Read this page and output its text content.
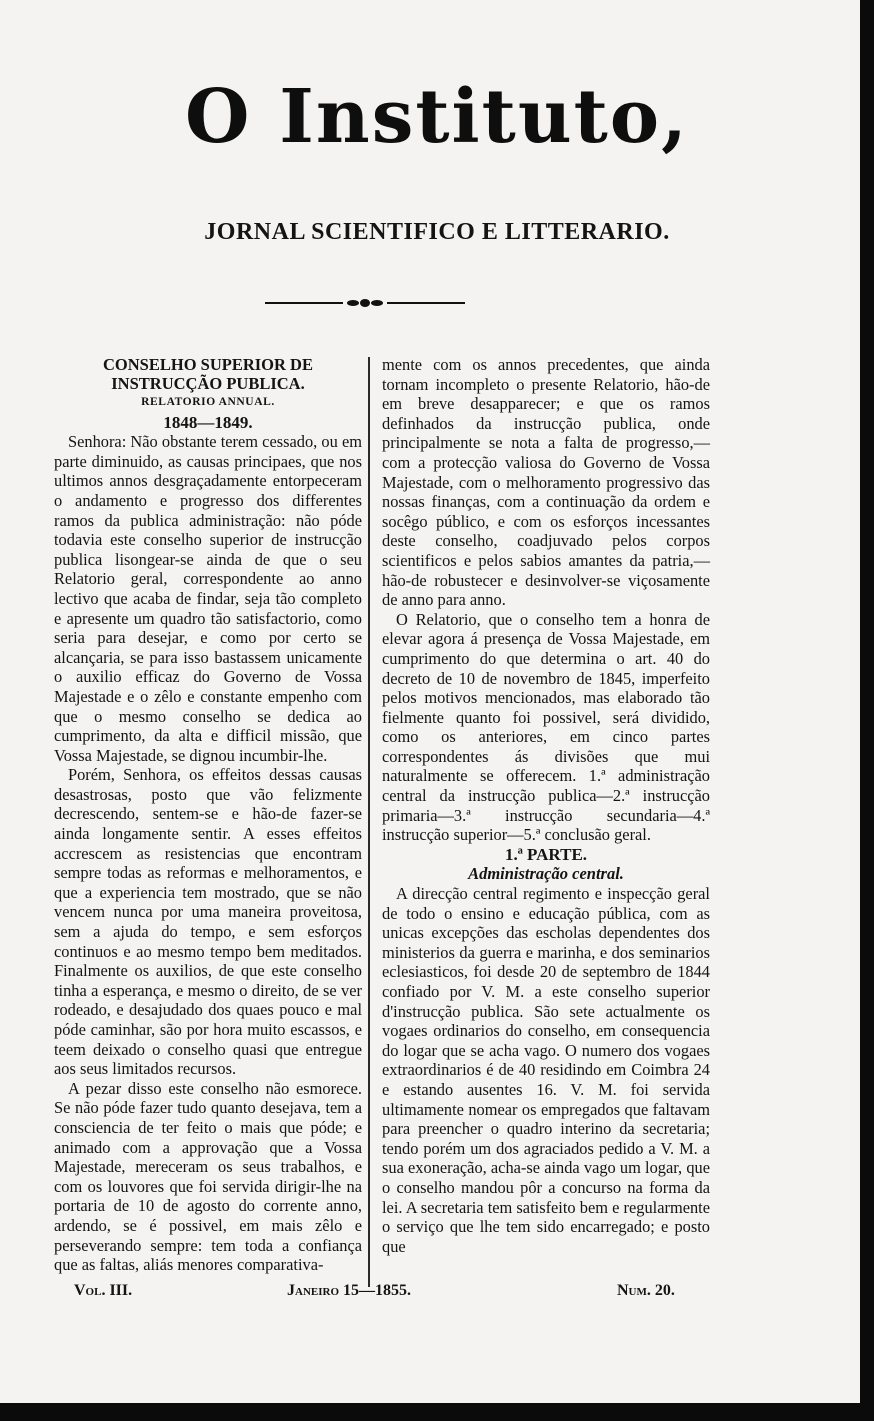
O Instituto,
JORNAL SCIENTIFICO E LITTERARIO.

CONSELHO SUPERIOR DE INSTRUCÇÃO PUBLICA.

RELATORIO ANNUAL.

1848—1849.

Senhora: Não obstante terem cessado, ou em parte diminuido, as causas principaes, que nos ultimos annos desgraçadamente entorpeceram o andamento e progresso dos differentes ramos da publica administração: não póde todavia este conselho superior de instrucção publica lisongear-se ainda de que o seu Relatorio geral, correspondente ao anno lectivo que acaba de findar, seja tão completo e apresente um quadro tão satisfactorio, como seria para desejar, e como por certo se alcançaria, se para isso bastassem unicamente o auxilio efficaz do Governo de Vossa Majestade e o zêlo e constante empenho com que o mesmo conselho se dedica ao cumprimento, da alta e difficil missão, que Vossa Majestade, se dignou incumbir-lhe.

Porém, Senhora, os effeitos dessas causas desastrosas, posto que vão felizmente decrescendo, sentem-se e hão-de fazer-se ainda longamente sentir. A esses effeitos accrescem as resistencias que encontram sempre todas as reformas e melhoramentos, e que a experiencia tem mostrado, que se não vencem nunca por uma maneira proveitosa, sem a ajuda do tempo, e sem esforços continuos e ao mesmo tempo bem meditados. Finalmente os auxilios, de que este conselho tinha a esperança, e mesmo o direito, de se ver rodeado, e desajudado dos quaes pouco e mal póde caminhar, são por hora muito escassos, e teem deixado o conselho quasi que entregue aos seus limitados recursos.

A pezar disso este conselho não esmorece. Se não póde fazer tudo quanto desejava, tem a consciencia de ter feito o mais que póde; e animado com a approvação que a Vossa Majestade, mereceram os seus trabalhos, e com os louvores que foi servida dirigir-lhe na portaria de 10 de agosto do corrente anno, ardendo, se é possivel, em mais zêlo e perseverando sempre: tem toda a confiança que as faltas, aliás menores comparativa-

mente com os annos precedentes, que ainda tornam incompleto o presente Relatorio, hão-de em breve desapparecer; e que os ramos definhados da instrucção publica, onde principalmente se nota a falta de progresso,—com a protecção valiosa do Governo de Vossa Majestade, com o melhoramento progressivo das nossas finanças, com a continuação da ordem e socêgo público, e com os esforços incessantes deste conselho, coadjuvado pelos corpos scientificos e pelos sabios amantes da patria,—hão-de robustecer e desinvolver-se viçosamente de anno para anno.

O Relatorio, que o conselho tem a honra de elevar agora á presença de Vossa Majestade, em cumprimento do que determina o art. 40 do decreto de 10 de novembro de 1845, imperfeito pelos motivos mencionados, mas elaborado tão fielmente quanto foi possivel, será dividido, como os anteriores, em cinco partes correspondentes ás divisões que mui naturalmente se offerecem. 1.ª administração central da instrucção publica—2.ª instrucção primaria—3.ª instrucção secundaria—4.ª instrucção superior—5.ª conclusão geral.

1.ª PARTE.

Administração central.

A direcção central regimento e inspecção geral de todo o ensino e educação pública, com as unicas excepções das escholas dependentes dos ministerios da guerra e marinha, e dos seminarios eclesiasticos, foi desde 20 de septembro de 1844 confiado por V. M. a este conselho superior d'instrucção publica. São sete actualmente os vogaes ordinarios do conselho, em consequencia do logar que se acha vago. O numero dos vogaes extraordinarios é de 40 residindo em Coimbra 24 e estando ausentes 16. V. M. foi servida ultimamente nomear os empregados que faltavam para preencher o quadro interino da secretaria; tendo porém um dos agraciados pedido a V. M. a sua exoneração, acha-se ainda vago um logar, que o conselho mandou pôr a concurso na forma da lei. A secretaria tem satisfeito bem e regularmente o serviço que lhe tem sido encarregado; e posto que

Vol. III.	Janeiro 15—1855.	Num. 20.
